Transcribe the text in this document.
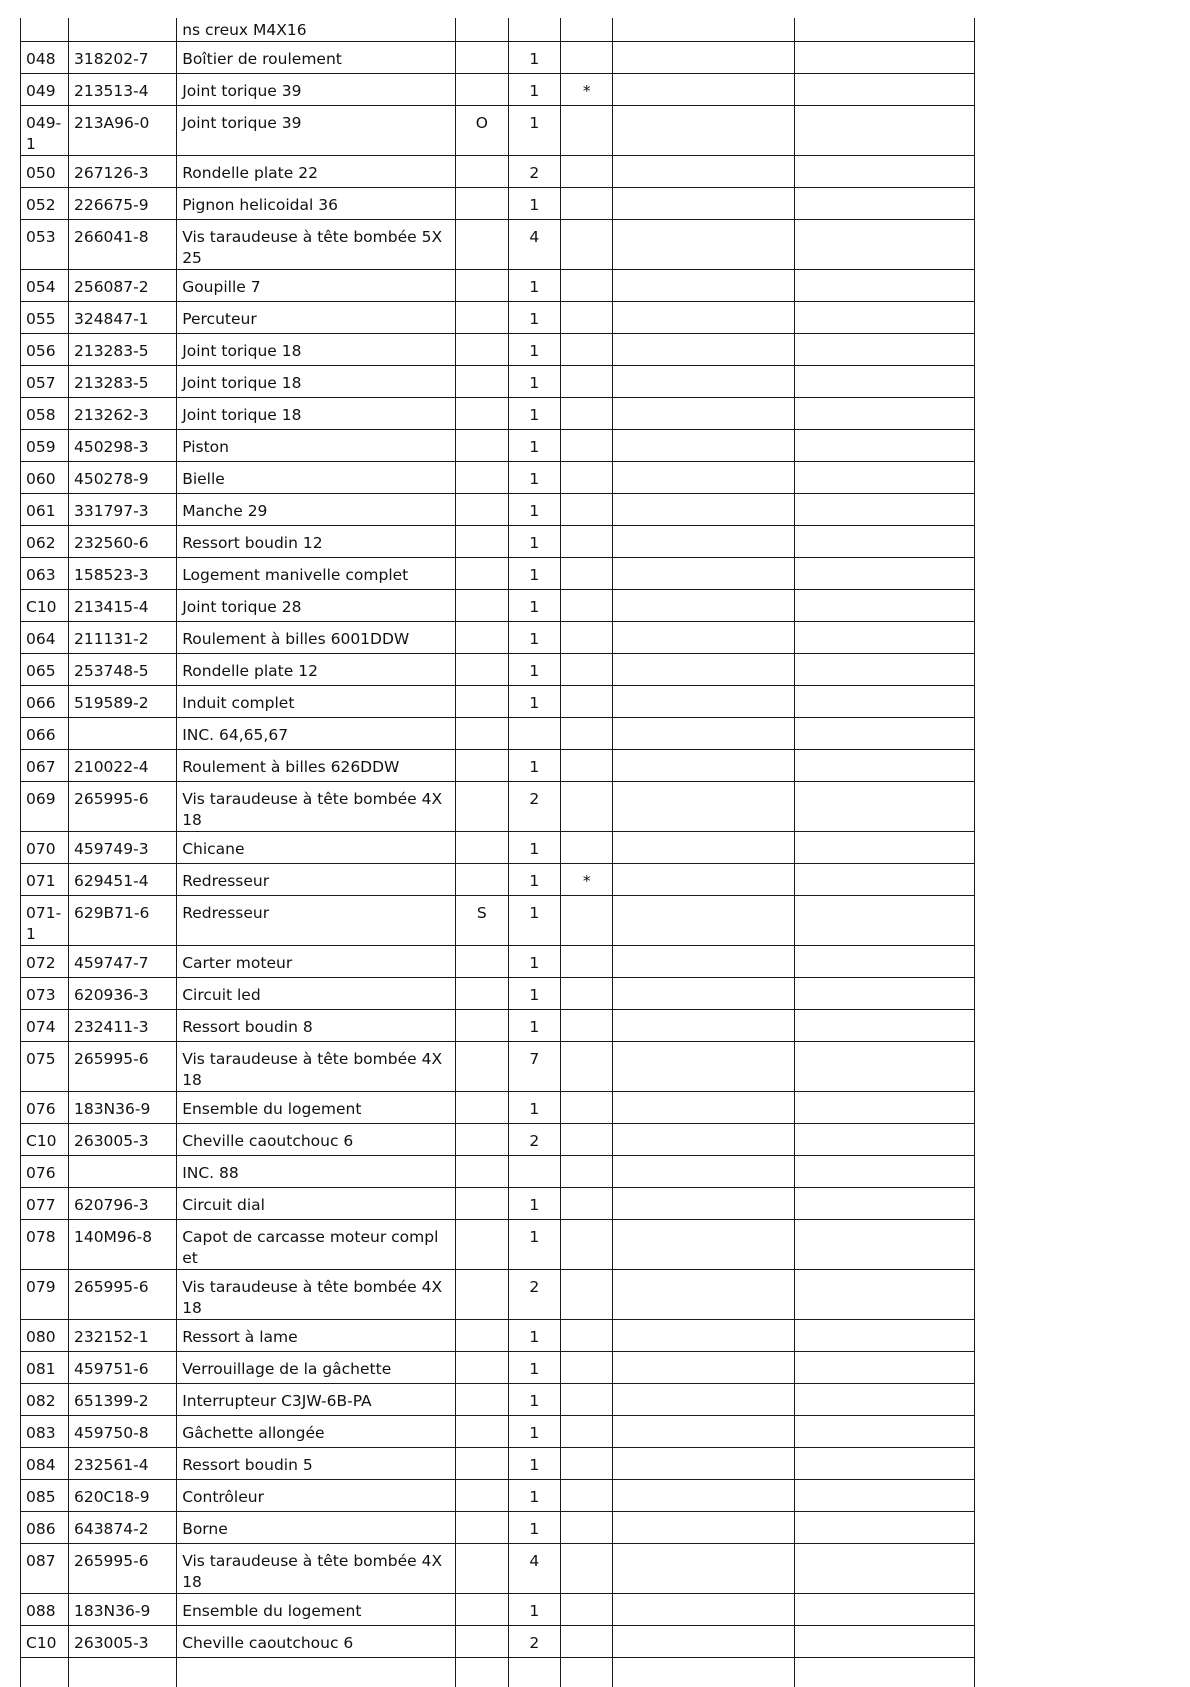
		ns creux M4X16					
048	318202-7	Boîtier de roulement		1			
049	213513-4	Joint torique 39		1	*		
049-1	213A96-0	Joint torique 39	O	1			
050	267126-3	Rondelle plate 22		2			
052	226675-9	Pignon helicoidal 36		1			
053	266041-8	Vis taraudeuse à tête bombée 5X 25		4			
054	256087-2	Goupille 7		1			
055	324847-1	Percuteur		1			
056	213283-5	Joint torique 18		1			
057	213283-5	Joint torique 18		1			
058	213262-3	Joint torique 18		1			
059	450298-3	Piston		1			
060	450278-9	Bielle		1			
061	331797-3	Manche 29		1			
062	232560-6	Ressort boudin 12		1			
063	158523-3	Logement manivelle complet		1			
C10	213415-4	Joint torique 28		1			
064	211131-2	Roulement à billes 6001DDW		1			
065	253748-5	Rondelle plate 12		1			
066	519589-2	Induit complet		1			
066		INC. 64,65,67					
067	210022-4	Roulement à billes 626DDW		1			
069	265995-6	Vis taraudeuse à tête bombée 4X 18		2			
070	459749-3	Chicane		1			
071	629451-4	Redresseur		1	*		
071-1	629B71-6	Redresseur	S	1			
072	459747-7	Carter moteur		1			
073	620936-3	Circuit led		1			
074	232411-3	Ressort boudin 8		1			
075	265995-6	Vis taraudeuse à tête bombée 4X 18		7			
076	183N36-9	Ensemble du logement		1			
C10	263005-3	Cheville caoutchouc 6		2			
076		INC. 88					
077	620796-3	Circuit dial		1			
078	140M96-8	Capot de carcasse moteur compl et		1			
079	265995-6	Vis taraudeuse à tête bombée 4X 18		2			
080	232152-1	Ressort à lame		1			
081	459751-6	Verrouillage de la gâchette		1			
082	651399-2	Interrupteur C3JW-6B-PA		1			
083	459750-8	Gâchette allongée		1			
084	232561-4	Ressort boudin 5		1			
085	620C18-9	Contrôleur		1			
086	643874-2	Borne		1			
087	265995-6	Vis taraudeuse à tête bombée 4X 18		4			
088	183N36-9	Ensemble du logement		1			
C10	263005-3	Cheville caoutchouc 6		2			
